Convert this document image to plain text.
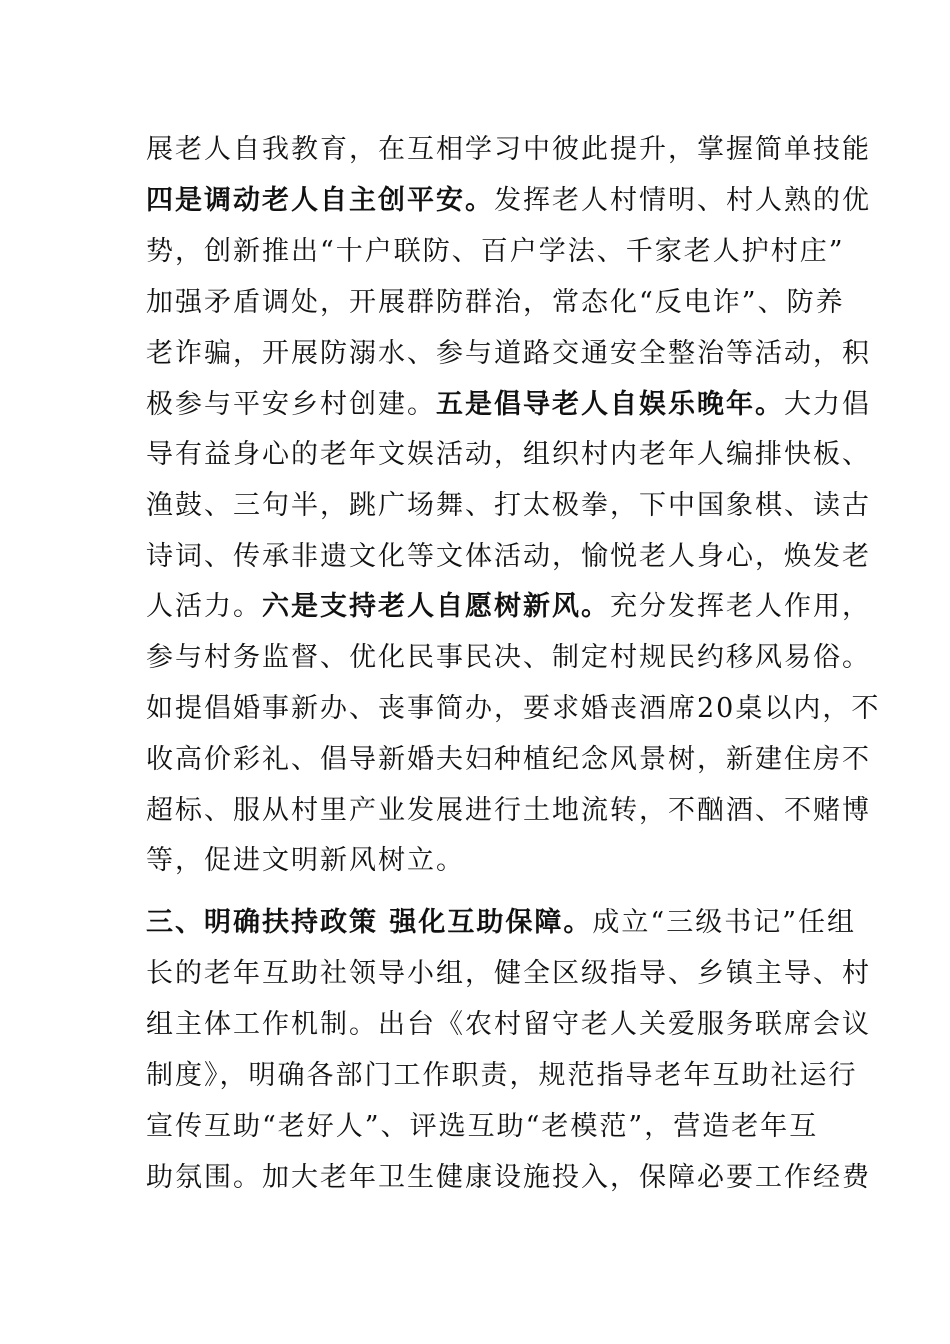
展老人自我教育，在互相学习中彼此提升，掌握简单技能
四是调动老人自主创平安。发挥老人村情明、村人熟的优
势，创新推出“十户联防、百户学法、千家老人护村庄”
加强矛盾调处，开展群防群治，常态化“反电诈”、防养
老诈骗，开展防溺水、参与道路交通安全整治等活动，积
极参与平安乡村创建。五是倡导老人自娱乐晚年。大力倡
导有益身心的老年文娱活动，组织村内老年人编排快板、
渔鼓、三句半，跳广场舞、打太极拳，下中国象棋、读古
诗词、传承非遗文化等文体活动，愉悦老人身心，焕发老
人活力。六是支持老人自愿树新风。充分发挥老人作用，
参与村务监督、优化民事民决、制定村规民约移风易俗。
如提倡婚事新办、丧事简办，要求婚丧酒席20桌以内，不
收高价彩礼、倡导新婚夫妇种植纪念风景树，新建住房不
超标、服从村里产业发展进行土地流转，不酗酒、不赌博
等，促进文明新风树立。
三、明确扶持政策 强化互助保障。成立“三级书记”任组
长的老年互助社领导小组，健全区级指导、乡镇主导、村
组主体工作机制。出台《农村留守老人关爱服务联席会议
制度》，明确各部门工作职责，规范指导老年互助社运行
宣传互助“老好人”、评选互助“老模范”，营造老年互
助氛围。加大老年卫生健康设施投入，保障必要工作经费
